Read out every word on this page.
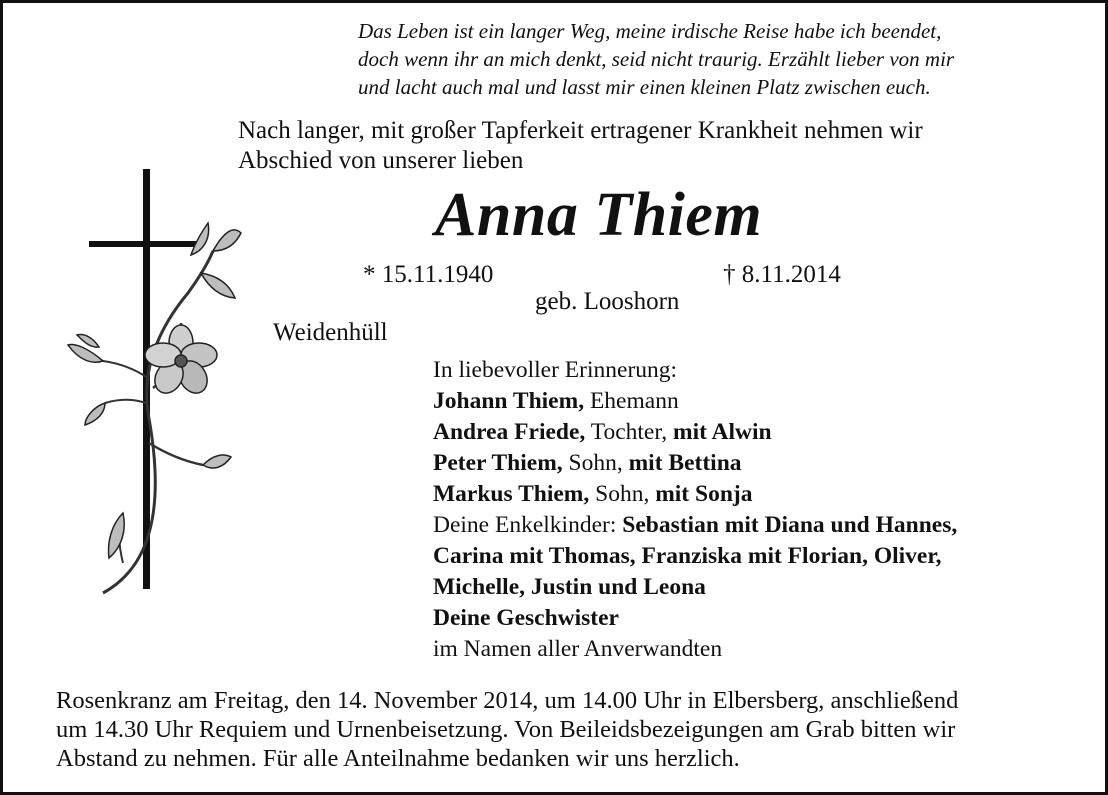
Das Leben ist ein langer Weg, meine irdische Reise habe ich beendet,
doch wenn ihr an mich denkt, seid nicht traurig. Erzählt lieber von mir
und lacht auch mal und lasst mir einen kleinen Platz zwischen euch.
Nach langer, mit großer Tapferkeit ertragener Krankheit nehmen wir
Abschied von unserer lieben
Anna Thiem
* 15.11.1940	† 8.11.2014
geb. Looshorn
Weidenhüll
In liebevoller Erinnerung:
Johann Thiem, Ehemann
Andrea Friede, Tochter, mit Alwin
Peter Thiem, Sohn, mit Bettina
Markus Thiem, Sohn, mit Sonja
Deine Enkelkinder: Sebastian mit Diana und Hannes,
Carina mit Thomas, Franziska mit Florian, Oliver,
Michelle, Justin und Leona
Deine Geschwister
im Namen aller Anverwandten
Rosenkranz am Freitag, den 14. November 2014, um 14.00 Uhr in Elbersberg, anschließend
um 14.30 Uhr Requiem und Urnenbeisetzung. Von Beileidsbezeigungen am Grab bitten wir
Abstand zu nehmen. Für alle Anteilnahme bedanken wir uns herzlich.
